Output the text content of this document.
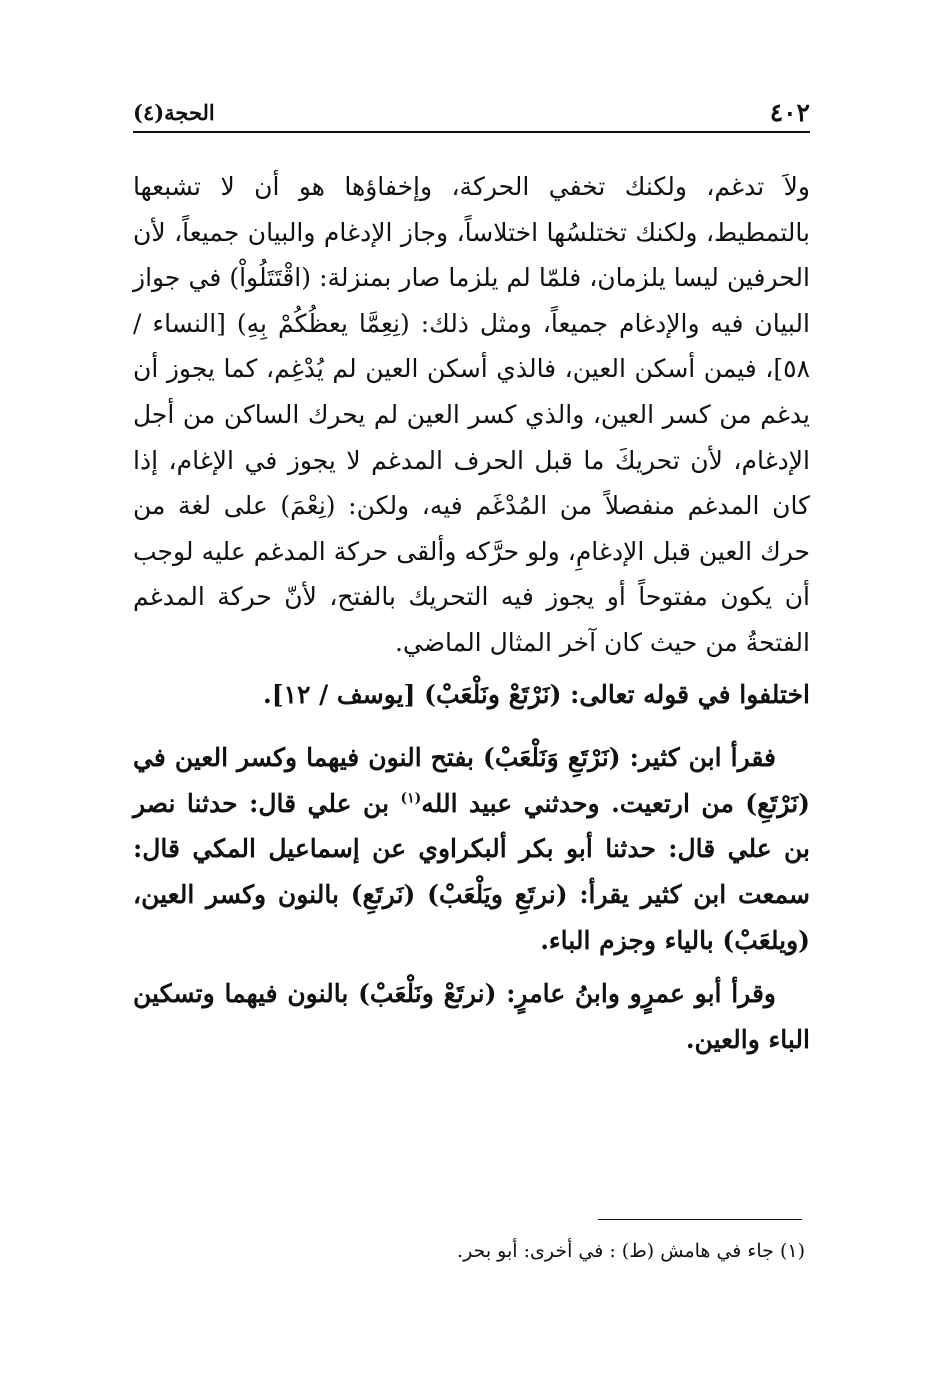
٤٠٢
الحجة(٤)

ولاَ تدغم، ولكنك تخفي الحركة، وإخفاؤها هو أن لا تشبعها بالتمطيط، ولكنك تختلسُها اختلاساً، وجاز الإدغام والبيان جميعاً، لأن الحرفين ليسا يلزمان، فلمّا لم يلزما صار بمنزلة: (اقْتَتَلُواْ) في جواز البيان فيه والإدغام جميعاً، ومثل ذلك: (نِعِمَّا يعظُكُمْ بِهِ) [النساء / ٥٨]، فيمن أسكن العين، فالذي أسكن العين لم يُدْغِم، كما يجوز أن يدغم من كسر العين، والذي كسر العين لم يحرك الساكن من أجل الإدغام، لأن تحريكَ ما قبل الحرف المدغم لا يجوز في الإغام، إذا كان المدغم منفصلاً من المُدْغَم فيه، ولكن: (نِعْمَ) على لغة من حرك العين قبل الإدغامِ، ولو حرَّكه وألقى حركة المدغم عليه لوجب أن يكون مفتوحاً أو يجوز فيه التحريك بالفتح، لأنّ حركة المدغم الفتحةُ من حيث كان آخر المثال الماضي.

اختلفوا في قوله تعالى: (نَرْتَعْ ونَلْعَبْ) [يوسف / ١٢].

فقرأ ابن كثير: (نَرْتَعِ وَنَلْعَبْ) بفتح النون فيهما وكسر العين في (نَرْتَعِ) من ارتعيت. وحدثني عبيد الله$^{(١)}$ بن علي قال: حدثنا نصر بن علي قال: حدثنا أبو بكر ألبكراوي عن إسماعيل المكي قال: سمعت ابن كثير يقرأ: (نرتَعِ ويَلْعَبْ) (نَرتَعِ) بالنون وكسر العين، (ويلعَبْ) بالياء وجزم الباء.

وقرأ أبو عمرٍو وابنُ عامرٍ: (نرتَعْ ونَلْعَبْ) بالنون فيهما وتسكين الباء والعين.

(١) جاء في هامش (ط) : في أخرى: أبو بحر.
